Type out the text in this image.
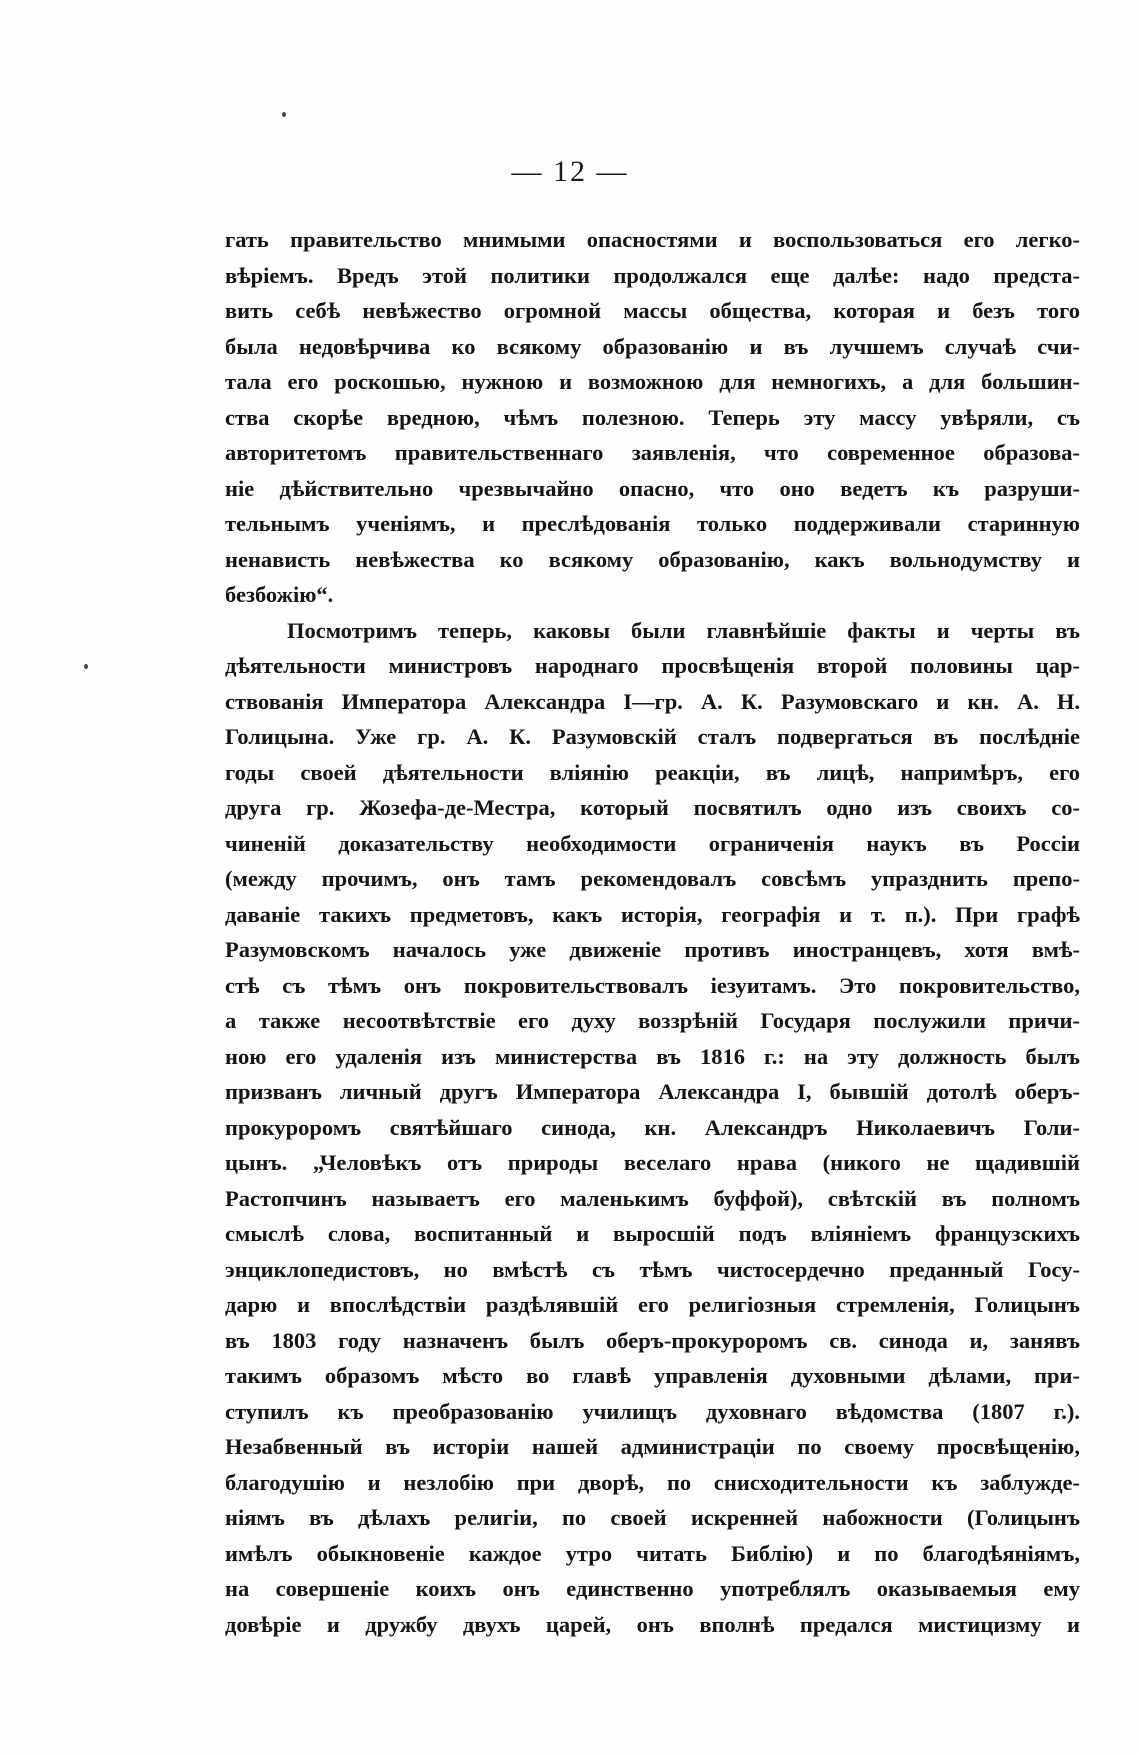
— 12 —
гать правительство мнимыми опасностями и воспользоваться его легко-
вѣріемъ. Вредъ этой политики продолжался еще далѣе: надо предста-
вить себѣ невѣжество огромной массы общества, которая и безъ того
была недовѣрчива ко всякому образованію и въ лучшемъ случаѣ счи-
тала его роскошью, нужною и возможною для немногихъ, а для большин-
ства скорѣе вредною, чѣмъ полезною. Теперь эту массу увѣряли, съ
авторитетомъ правительственнаго заявленія, что современное образова-
ніе дѣйствительно чрезвычайно опасно, что оно ведетъ къ разруши-
тельнымъ ученіямъ, и преслѣдованія только поддерживали старинную
ненависть невѣжества ко всякому образованію, какъ вольнодумству и
безбожію“.
Посмотримъ теперь, каковы были главнѣйшіе факты и черты въ
дѣятельности министровъ народнаго просвѣщенія второй половины цар-
ствованія Императора Александра I—гр. А. К. Разумовскаго и кн. А. Н.
Голицына. Уже гр. А. К. Разумовскій сталъ подвергаться въ послѣдніе
годы своей дѣятельности вліянію реакціи, въ лицѣ, напримѣръ, его
друга гр. Жозефа-де-Местра, который посвятилъ одно изъ своихъ со-
чиненій доказательству необходимости ограниченія наукъ въ Россіи
(между прочимъ, онъ тамъ рекомендовалъ совсѣмъ упразднить препо-
даваніе такихъ предметовъ, какъ исторія, географія и т. п.). При графѣ
Разумовскомъ началось уже движеніе противъ иностранцевъ, хотя вмѣ-
стѣ съ тѣмъ онъ покровительствовалъ іезуитамъ. Это покровительство,
а также несоотвѣтствіе его духу воззрѣній Государя послужили причи-
ною его удаленія изъ министерства въ 1816 г.: на эту должность былъ
призванъ личный другъ Императора Александра I, бывшій дотолѣ оберъ-
прокуроромъ святѣйшаго синода, кн. Александръ Николаевичъ Голи-
цынъ. „Человѣкъ отъ природы веселаго нрава (никого не щадившій
Растопчинъ называетъ его маленькимъ буффой), свѣтскій въ полномъ
смыслѣ слова, воспитанный и выросшій подъ вліяніемъ французскихъ
энциклопедистовъ, но вмѣстѣ съ тѣмъ чистосердечно преданный Госу-
дарю и впослѣдствіи раздѣлявшій его религіозныя стремленія, Голицынъ
въ 1803 году назначенъ былъ оберъ-прокуроромъ св. синода и, занявъ
такимъ образомъ мѣсто во главѣ управленія духовными дѣлами, при-
ступилъ къ преобразованію училищъ духовнаго вѣдомства (1807 г.).
Незабвенный въ исторіи нашей администраціи по своему просвѣщенію,
благодушію и незлобію при дворѣ, по снисходительности къ заблужде-
ніямъ въ дѣлахъ религіи, по своей искренней набожности (Голицынъ
имѣлъ обыкновеніе каждое утро читать Библію) и по благодѣяніямъ,
на совершеніе коихъ онъ единственно употреблялъ оказываемыя ему
довѣріе и дружбу двухъ царей, онъ вполнѣ предался мистицизму и
